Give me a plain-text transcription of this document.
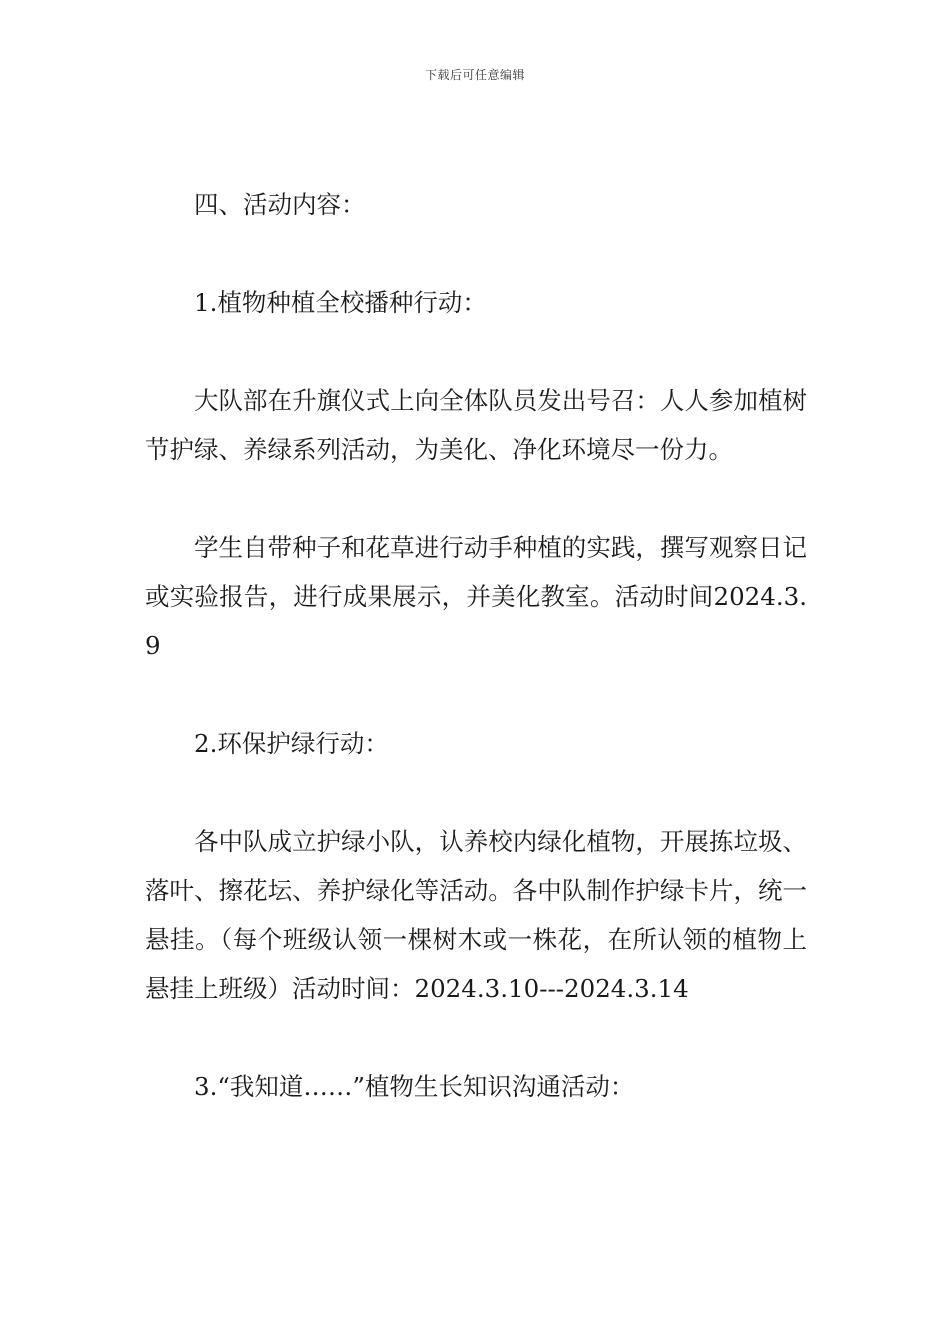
下载后可任意编辑

四、活动内容：

1.植物种植全校播种行动：

大队部在升旗仪式上向全体队员发出号召：人人参加植树节护绿、养绿系列活动，为美化、净化环境尽一份力。

学生自带种子和花草进行动手种植的实践，撰写观察日记或实验报告，进行成果展示，并美化教室。活动时间2024.3.9

2.环保护绿行动：

各中队成立护绿小队，认养校内绿化植物，开展拣垃圾、落叶、擦花坛、养护绿化等活动。各中队制作护绿卡片，统一悬挂。（每个班级认领一棵树木或一株花，在所认领的植物上悬挂上班级）活动时间：2024.3.10---2024.3.14

3.“我知道……”植物生长知识沟通活动：
